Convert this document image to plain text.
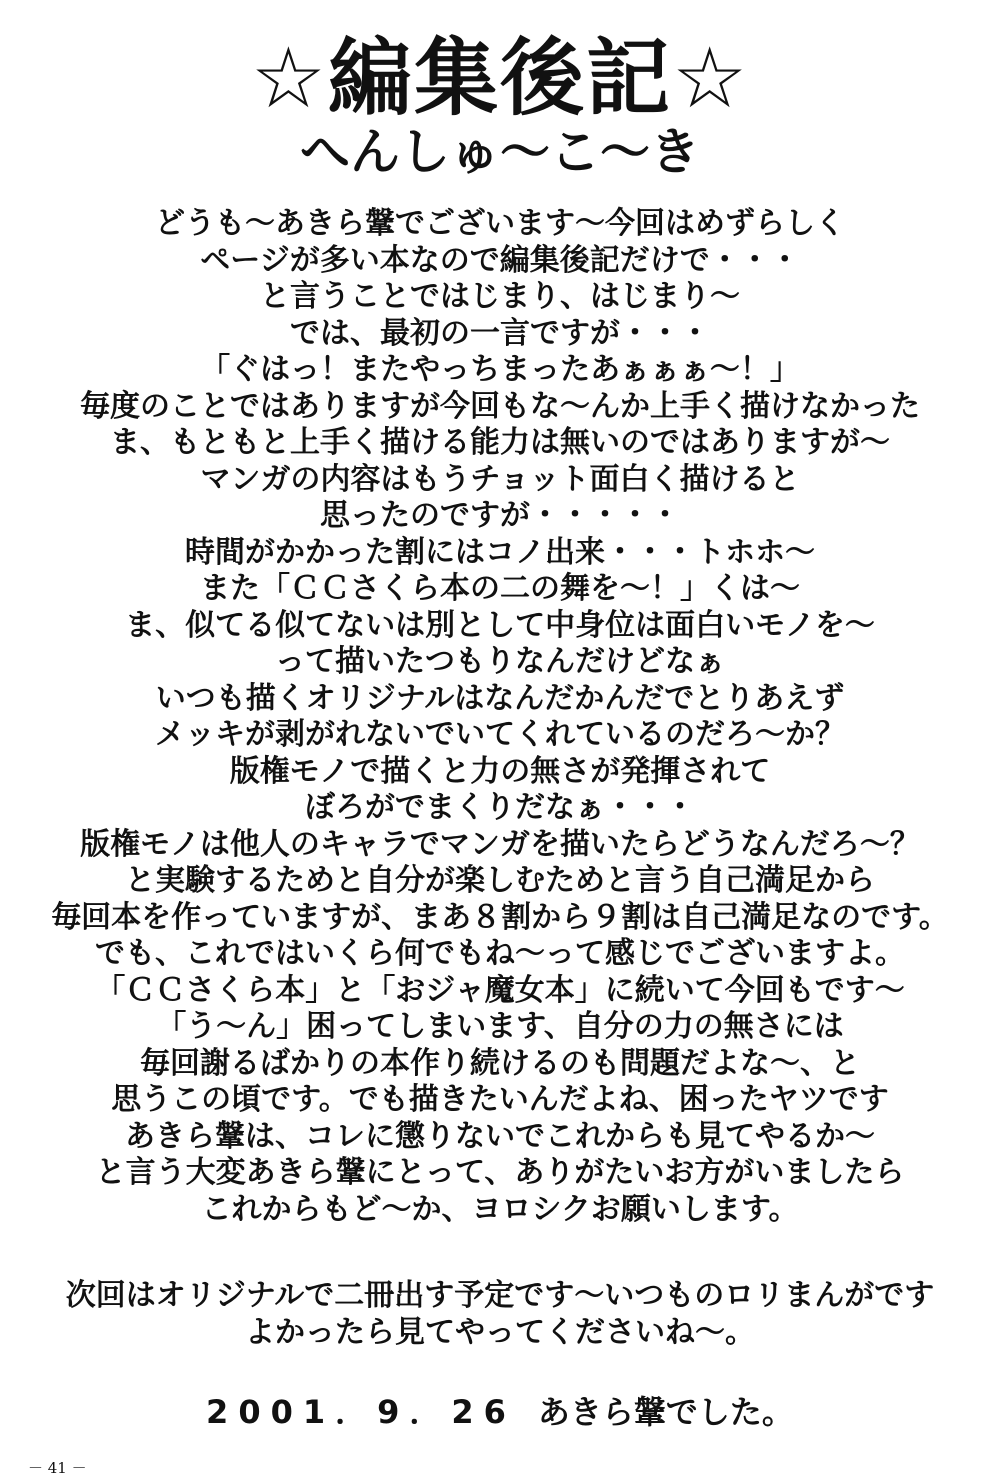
☆編集後記☆
へんしゅ〜こ〜き
どうも〜あきら鞶でございます〜今回はめずらしく
ページが多い本なので編集後記だけで・・・
と言うことではじまり、はじまり〜
では、最初の一言ですが・・・
「ぐはっ！またやっちまったあぁぁぁ〜！」
毎度のことではありますが今回もな〜んか上手く描けなかった
ま、もともと上手く描ける能力は無いのではありますが〜
マンガの内容はもうチョット面白く描けると
思ったのですが・・・・・
時間がかかった割にはコノ出来・・・トホホ〜
また「ＣＣさくら本の二の舞を〜！」くは〜
ま、似てる似てないは別として中身位は面白いモノを〜
って描いたつもりなんだけどなぁ
いつも描くオリジナルはなんだかんだでとりあえず
メッキが剥がれないでいてくれているのだろ〜か？
版権モノで描くと力の無さが発揮されて
ぼろがでまくりだなぁ・・・
版権モノは他人のキャラでマンガを描いたらどうなんだろ〜？
と実験するためと自分が楽しむためと言う自己満足から
毎回本を作っていますが、まあ８割から９割は自己満足なのです。
でも、これではいくら何でもね〜って感じでございますよ。
「ＣＣさくら本」と「おジャ魔女本」に続いて今回もです〜
「う〜ん」困ってしまいます、自分の力の無さには
毎回謝るばかりの本作り続けるのも問題だよな〜、と
思うこの頃です。でも描きたいんだよね、困ったヤツです
あきら鞶は、コレに懲りないでこれからも見てやるか〜
と言う大変あきら鞶にとって、ありがたいお方がいましたら
これからもど〜か、ヨロシクお願いします。
次回はオリジナルで二冊出す予定です〜いつものロリまんがです
よかったら見てやってくださいね〜。
2001．9．26 あきら鞶でした。
－ 41 －
